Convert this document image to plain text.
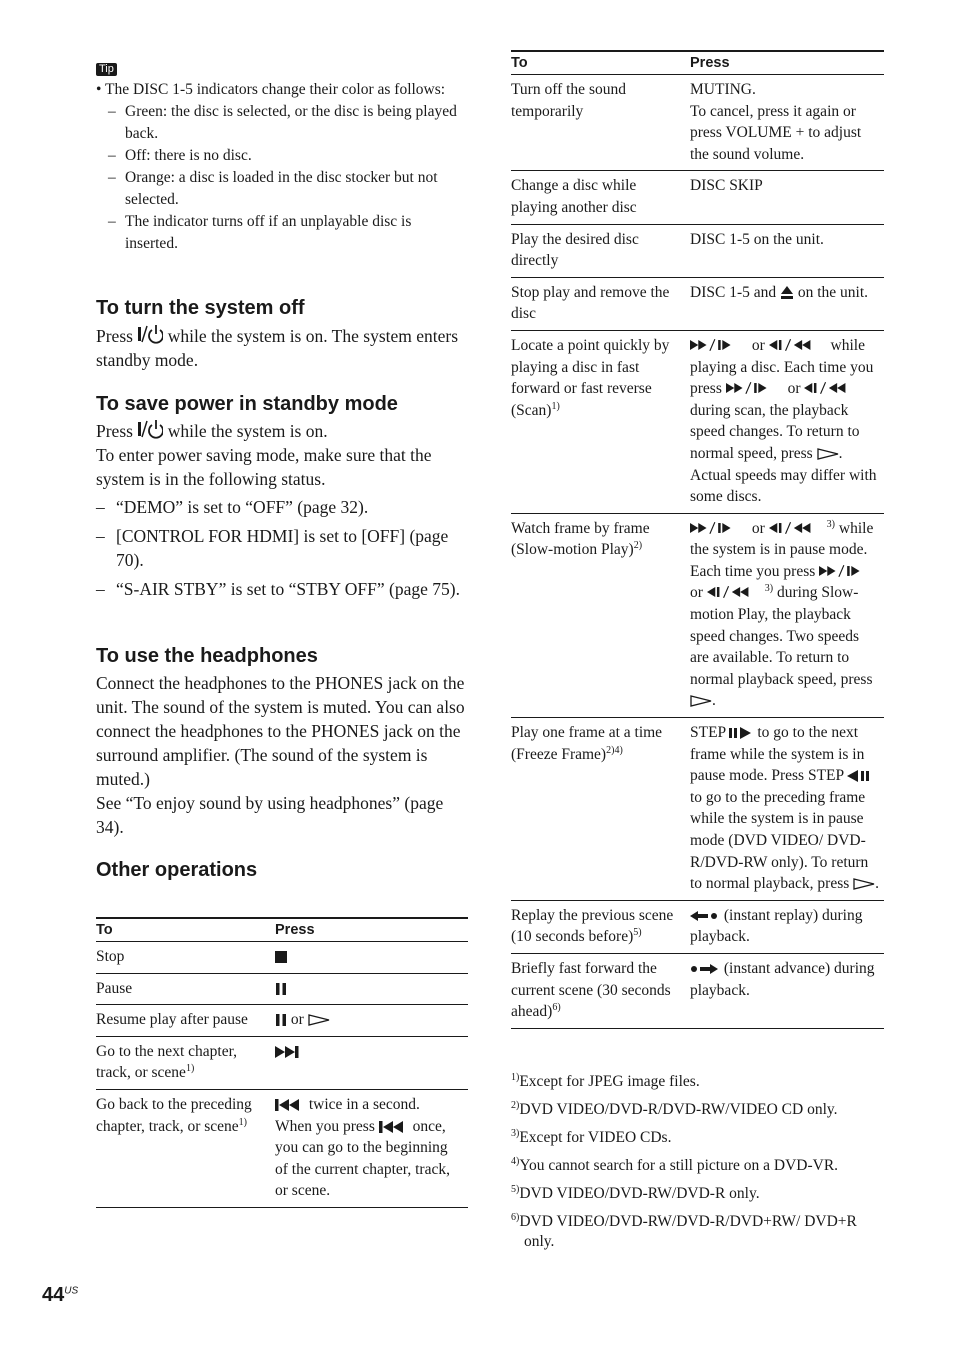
Tip

• The DISC 1-5 indicators change their color as follows:

– Green: the disc is selected, or the disc is being played back.
– Off: there is no disc.
– Orange: a disc is loaded in the disc stocker but not selected.
– The indicator turns off if an unplayable disc is inserted.
To turn the system off

Press  while the system is on. The system enters standby mode.

To save power in standby mode

Press  while the system is on.

To enter power saving mode, make sure that the system is in the following status.

– “DEMO” is set to “OFF” (page 32).

– [CONTROL FOR HDMI] is set to [OFF] (page 70).

– “S-AIR STBY” is set to “STBY OFF” (page 75).

To use the headphones

Connect the headphones to the PHONES jack on the unit. The sound of the system is muted. You can also connect the headphones to the PHONES jack on the surround amplifier. (The sound of the system is muted.)

See “To enjoy sound by using headphones” (page 34).

Other operations
To	Press
Stop	
Pause	
Resume play after pause	or
Go to the next chapter, track, or scene$^{1)}$	
Go back to the preceding chapter, track, or scene$^{1)}$	twice in a second.

When you press  once, you can go to the beginning of the current chapter, track, or scene.

To	Press
Turn off the sound temporarily	MUTING.

To cancel, press it again or press VOLUME + to adjust the sound volume.

Change a disc while playing another disc	DISC SKIP
Play the desired disc directly	DISC 1-5 on the unit.
Stop play and remove the disc	DISC 1-5 and  on the unit.
Locate a point quickly by playing a disc in fast forward or fast reverse (Scan)$^{1)}$	or while playing a disc. Each time you press or  during scan, the playback speed changes. To return to normal speed, press . Actual speeds may differ with some discs.
Watch frame by frame (Slow-motion Play)$^{2)}$	or $^{3)}$ while the system is in pause mode. Each time you press  or $^{3)}$ during Slow-motion Play, the playback speed changes. Two speeds are available. To return to normal playback speed, press .
Play one frame at a time (Freeze Frame)$^{2)4)}$	STEP  to go to the next frame while the system is in pause mode. Press STEP  to go to the preceding frame while the system is in pause mode (DVD VIDEO/ DVD-R/DVD-RW only). To return to normal playback, press .
Replay the previous scene (10 seconds before)$^{5)}$	(instant replay) during playback.
Briefly fast forward the current scene (30 seconds ahead)$^{6)}$	(instant advance) during playback.

$^{1)}$Except for JPEG image files.

$^{2)}$DVD VIDEO/DVD-R/DVD-RW/VIDEO CD only.

$^{3)}$Except for VIDEO CDs.

$^{4)}$You cannot search for a still picture on a DVD-VR.

$^{5)}$DVD VIDEO/DVD-RW/DVD-R only.

$^{6)}$DVD VIDEO/DVD-RW/DVD-R/DVD+RW/ DVD+R only.

$44^{US}$
